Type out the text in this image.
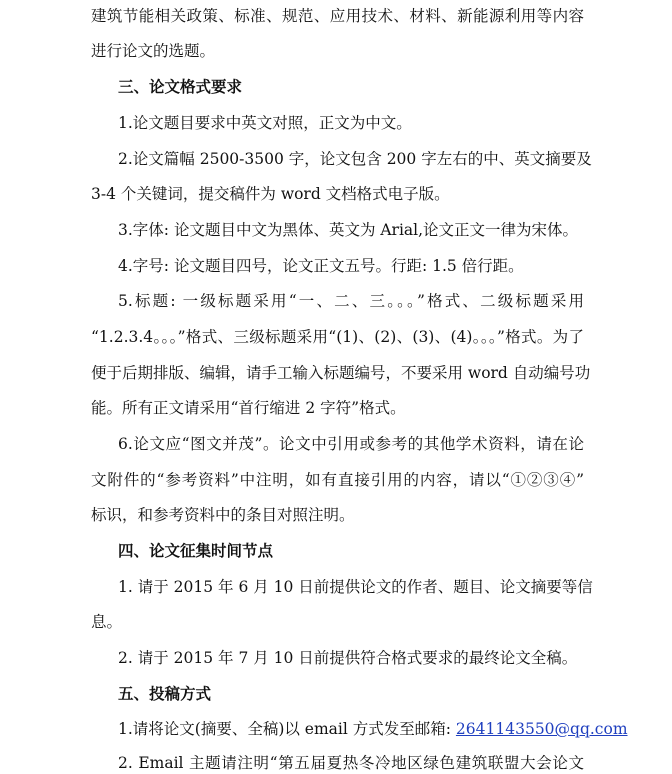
建筑节能相关政策、标准、规范、应用技术、材料、新能源利用等内容
进行论文的选题。
三、论文格式要求
1.论文题目要求中英文对照，正文为中文。
2.论文篇幅 2500-3500 字，论文包含 200 字左右的中、英文摘要及
3-4 个关键词，提交稿件为 word 文档格式电子版。
3.字体: 论文题目中文为黑体、英文为 Arial,论文正文一律为宋体。
4.字号: 论文题目四号，论文正文五号。行距: 1.5 倍行距。
5.标题: 一级标题采用“一、二、三。。。”格式、二级标题采用
“1.2.3.4。。。”格式、三级标题采用“(1)、(2)、(3)、(4)。。。”格式。为了
便于后期排版、编辑，请手工输入标题编号，不要采用 word 自动编号功
能。所有正文请采用“首行缩进 2 字符”格式。
6.论文应“图文并茂”。论文中引用或参考的其他学术资料，请在论
文附件的“参考资料”中注明，如有直接引用的内容，请以“①②③④”
标识，和参考资料中的条目对照注明。
四、论文征集时间节点
1. 请于 2015 年 6 月 10 日前提供论文的作者、题目、论文摘要等信
息。
2. 请于 2015 年 7 月 10 日前提供符合格式要求的最终论文全稿。
五、投稿方式
1.请将论文(摘要、全稿)以 email 方式发至邮箱: 2641143550@qq.com
2. Email 主题请注明“第五届夏热冬冷地区绿色建筑联盟大会论文
